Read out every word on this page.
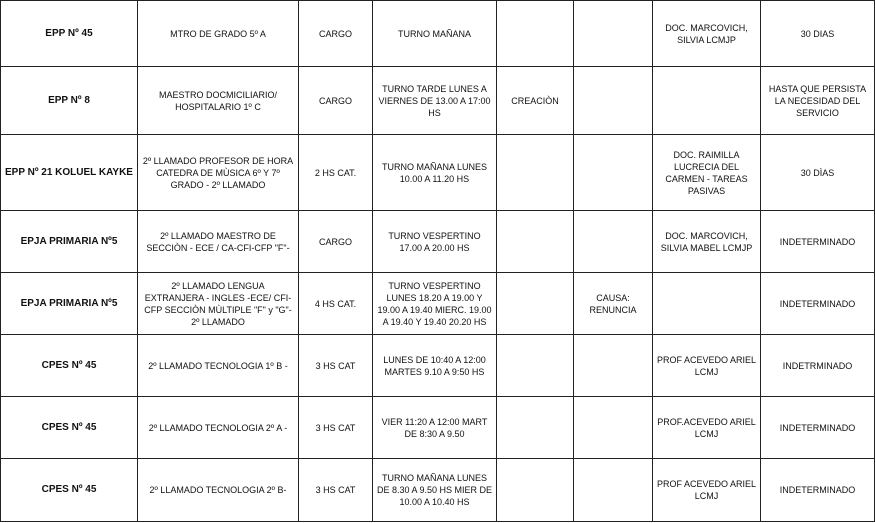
EPP Nº 45	MTRO DE GRADO 5º A	CARGO	TURNO MAÑANA			DOC. MARCOVICH, SILVIA LCMJP	30 DIAS
EPP Nº 8	MAESTRO DOCMICILIARIO/ HOSPITALARIO 1º C	CARGO	TURNO TARDE LUNES A VIERNES DE 13.00 A 17:00 HS	CREACIÒN			HASTA QUE PERSISTA LA NECESIDAD DEL SERVICIO
EPP Nº 21 KOLUEL KAYKE	2º LLAMADO PROFESOR DE HORA CATEDRA DE MÙSICA 6º Y 7º GRADO - 2º LLAMADO	2 HS CAT.	TURNO MAÑANA LUNES 10.00 A 11.20 HS			DOC. RAIMILLA LUCRECIA DEL CARMEN - TAREAS PASIVAS	30 DÌAS
EPJA PRIMARIA Nº5	2º LLAMADO MAESTRO DE SECCIÒN - ECE / CA-CFI-CFP "F"-	CARGO	TURNO VESPERTINO 17.00 A 20.00 HS			DOC. MARCOVICH, SILVIA MABEL LCMJP	INDETERMINADO
EPJA PRIMARIA Nº5	2º LLAMADO LENGUA EXTRANJERA - INGLES -ECE/ CFI-CFP SECCIÒN MÙLTIPLE "F" y "G"- 2º LLAMADO	4 HS CAT.	TURNO VESPERTINO LUNES 18.20 A 19.00 Y 19.00 A 19.40 MIERC. 19.00 A 19.40 Y 19.40 20.20 HS		CAUSA: RENUNCIA		INDETERMINADO
CPES Nº 45	2º LLAMADO TECNOLOGIA 1º B -	3 HS CAT	LUNES DE 10:40 A 12:00 MARTES 9.10 A 9:50 HS			PROF ACEVEDO ARIEL LCMJ	INDETRMINADO
CPES Nº 45	2º LLAMADO TECNOLOGIA 2º A -	3 HS CAT	VIER 11:20 A 12:00 MART DE 8:30 A 9.50			PROF.ACEVEDO ARIEL LCMJ	INDETERMINADO
CPES Nº 45	2º LLAMADO TECNOLOGIA 2º B-	3 HS CAT	TURNO MAÑANA LUNES DE 8.30 A 9.50 HS MIER DE 10.00 A 10.40 HS			PROF ACEVEDO ARIEL LCMJ	INDETERMINADO
